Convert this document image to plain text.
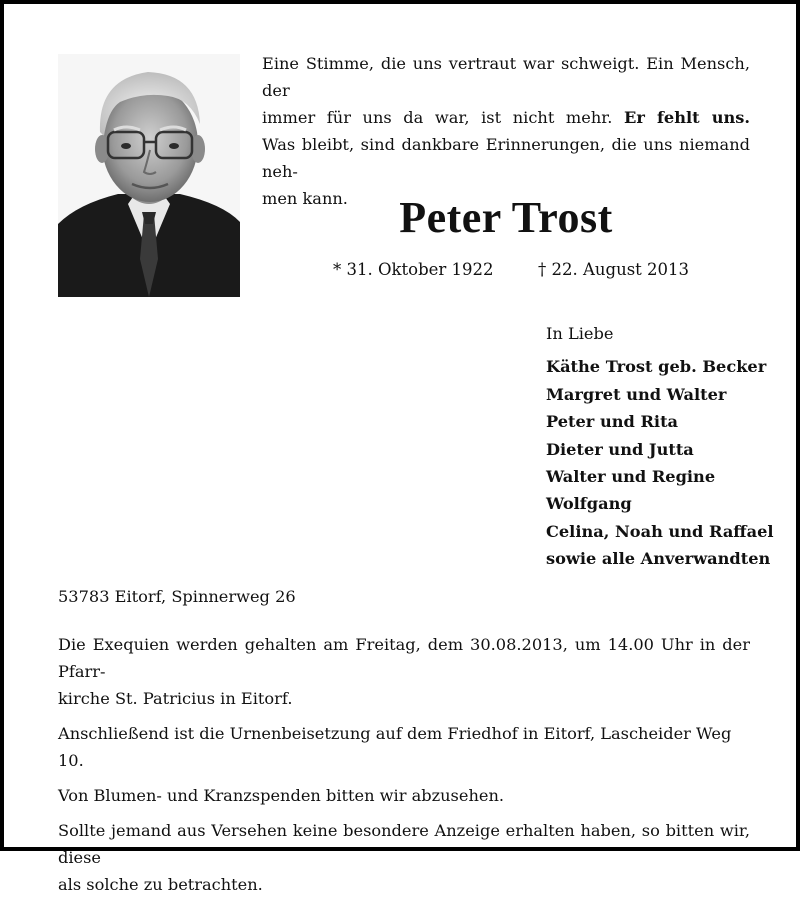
Eine Stimme, die uns vertraut war schweigt. Ein Mensch, der
immer für uns da war, ist nicht mehr. Er fehlt uns.
Was bleibt, sind dankbare Erinnerungen, die uns niemand neh-
men kann.	Peter Trost
* 31. Oktober 1922	† 22. August 2013
In Liebe
Käthe Trost geb. Becker
Margret und Walter
Peter und Rita
Dieter und Jutta
Walter und Regine
Wolfgang
Celina, Noah und Raffael
sowie alle Anverwandten
53783 Eitorf, Spinnerweg 26

Die Exequien werden gehalten am Freitag, dem 30.08.2013, um 14.00 Uhr in der Pfarr-
kirche St. Patricius in Eitorf.

Anschließend ist die Urnenbeisetzung auf dem Friedhof in Eitorf, Lascheider Weg 10.

Von Blumen- und Kranzspenden bitten wir abzusehen.

Sollte jemand aus Versehen keine besondere Anzeige erhalten haben, so bitten wir, diese
als solche zu betrachten.
